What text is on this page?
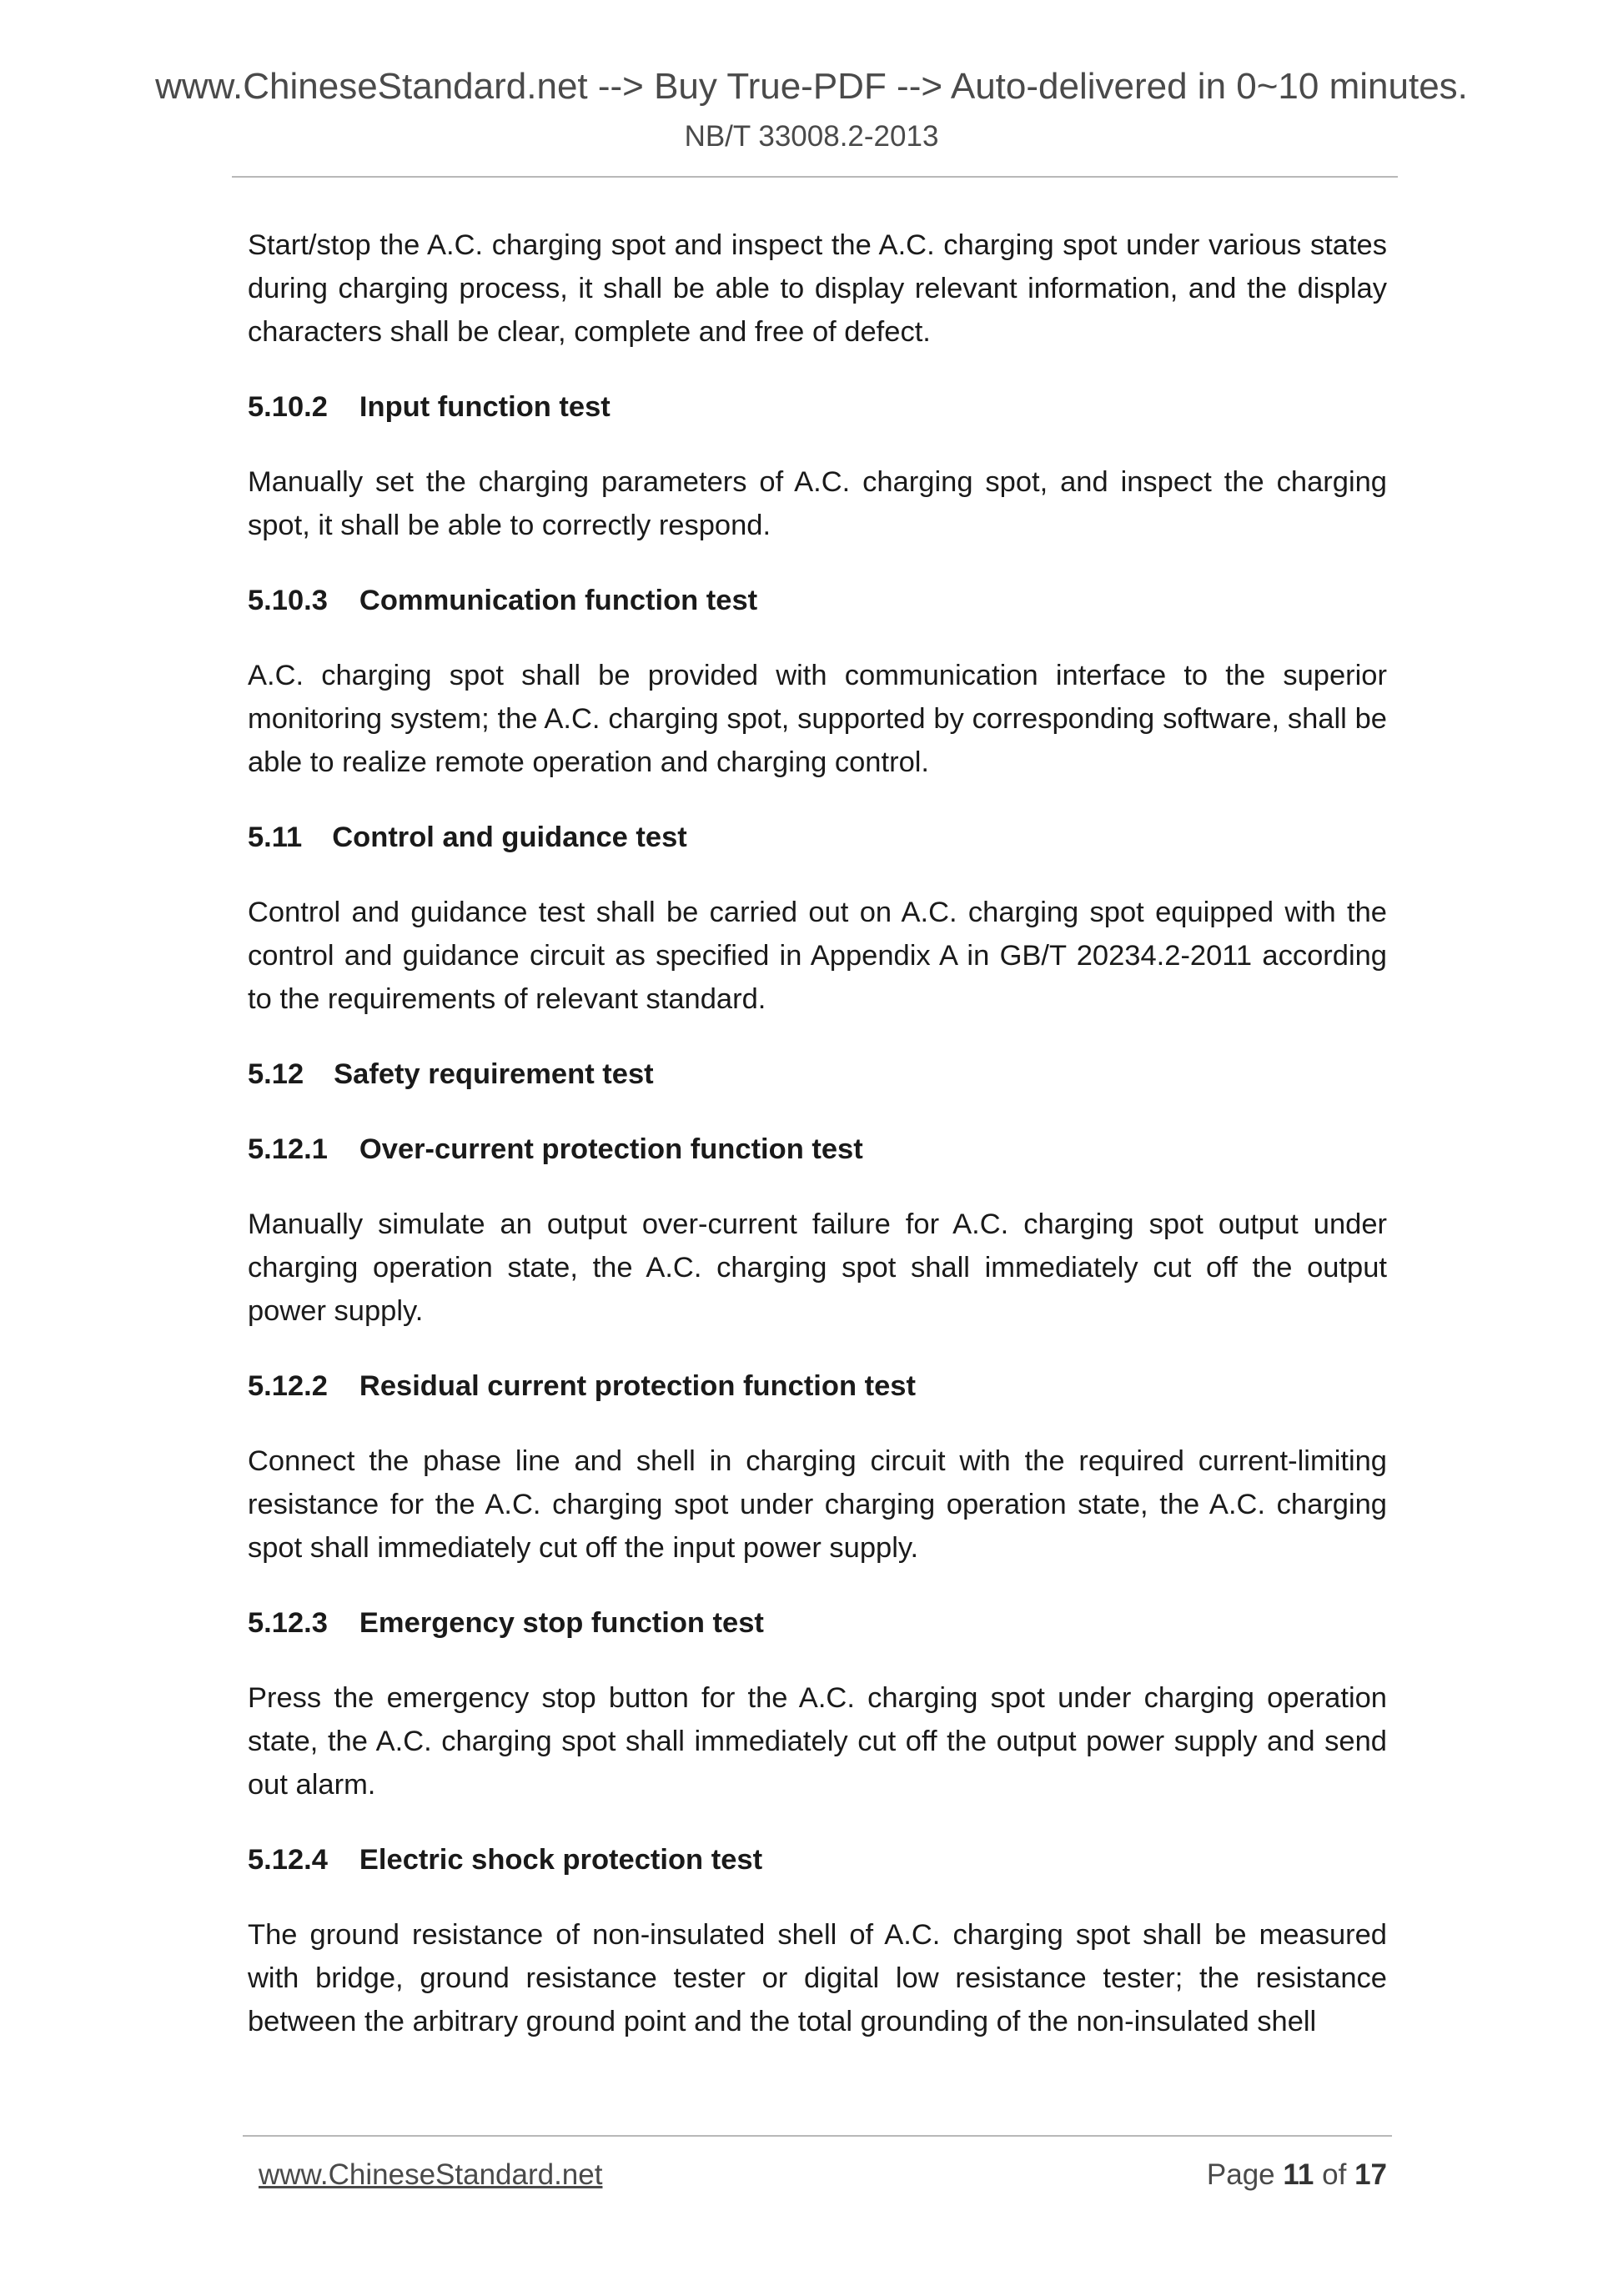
www.ChineseStandard.net --> Buy True-PDF --> Auto-delivered in 0~10 minutes.
NB/T 33008.2-2013

Start/stop the A.C. charging spot and inspect the A.C. charging spot under various states during charging process, it shall be able to display relevant information, and the display characters shall be clear, complete and free of defect.

5.10.2 Input function test

Manually set the charging parameters of A.C. charging spot, and inspect the charging spot, it shall be able to correctly respond.

5.10.3 Communication function test

A.C. charging spot shall be provided with communication interface to the superior monitoring system; the A.C. charging spot, supported by corresponding software, shall be able to realize remote operation and charging control.

5.11 Control and guidance test

Control and guidance test shall be carried out on A.C. charging spot equipped with the control and guidance circuit as specified in Appendix A in GB/T 20234.2-2011 according to the requirements of relevant standard.

5.12 Safety requirement test
5.12.1 Over-current protection function test

Manually simulate an output over-current failure for A.C. charging spot output under charging operation state, the A.C. charging spot shall immediately cut off the output power supply.

5.12.2 Residual current protection function test

Connect the phase line and shell in charging circuit with the required current-limiting resistance for the A.C. charging spot under charging operation state, the A.C. charging spot shall immediately cut off the input power supply.

5.12.3 Emergency stop function test

Press the emergency stop button for the A.C. charging spot under charging operation state, the A.C. charging spot shall immediately cut off the output power supply and send out alarm.

5.12.4 Electric shock protection test

The ground resistance of non-insulated shell of A.C. charging spot shall be measured with bridge, ground resistance tester or digital low resistance tester; the resistance between the arbitrary ground point and the total grounding of the non-insulated shell

www.ChineseStandard.net	Page 11 of 17
